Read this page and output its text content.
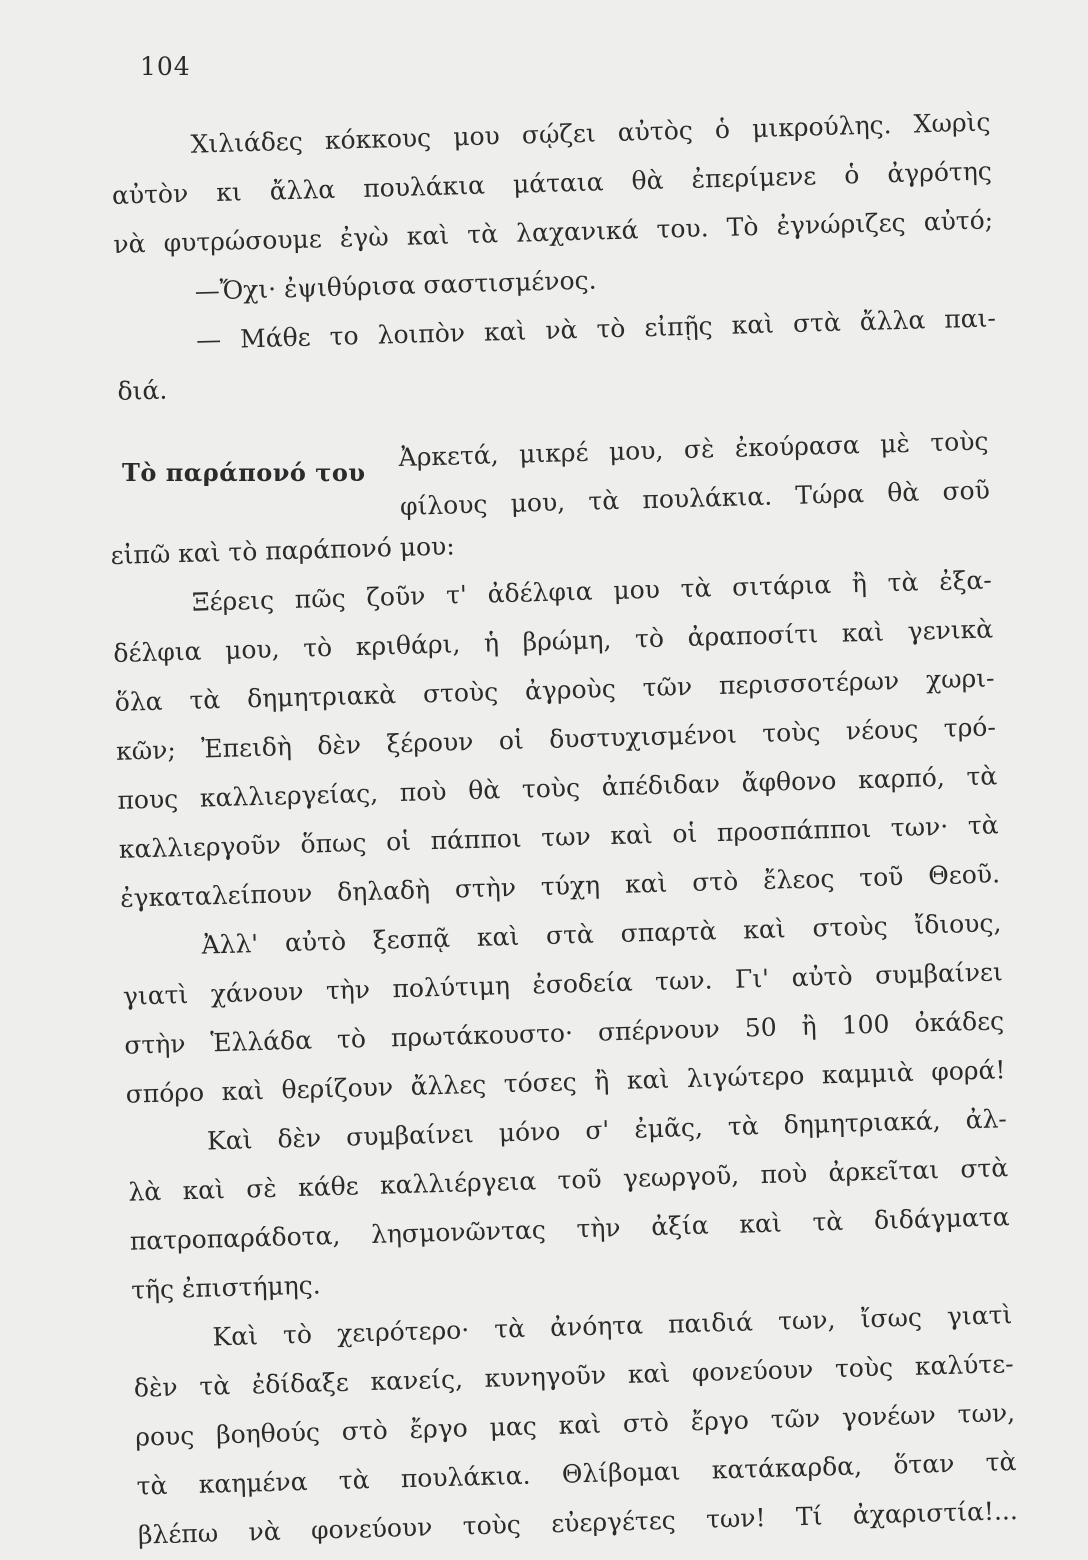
104
Χιλιάδες κόκκους μου σῴζει αὐτὸς ὁ μικρούλης. Χωρὶς
αὐτὸν κι ἄλλα πουλάκια μάταια θὰ ἐπερίμενε ὁ ἀγρότης
νὰ φυτρώσουμε ἐγὼ καὶ τὰ λαχανικά του. Τὸ ἐγνώριζες αὐτό;
—Ὄχι· ἐψιθύρισα σαστισμένος.
— Μάθε το λοιπὸν καὶ νὰ τὸ εἰπῇς καὶ στὰ ἄλλα παι-
διά.
Τὸ παράπονό του
Ἀρκετά, μικρέ μου, σὲ ἐκούρασα μὲ τοὺς
φίλους μου, τὰ πουλάκια. Τώρα θὰ σοῦ
εἰπῶ καὶ τὸ παράπονό μου:
Ξέρεις πῶς ζοῦν τ' ἀδέλφια μου τὰ σιτάρια ἢ τὰ ἐξα-
δέλφια μου, τὸ κριθάρι, ἡ βρώμη, τὸ ἀραποσίτι καὶ γενικὰ
ὅλα τὰ δημητριακὰ στοὺς ἀγροὺς τῶν περισσοτέρων χωρι-
κῶν; Ἐπειδὴ δὲν ξέρουν οἱ δυστυχισμένοι τοὺς νέους τρό-
πους καλλιεργείας, ποὺ θὰ τοὺς ἀπέδιδαν ἄφθονο καρπό, τὰ
καλλιεργοῦν ὅπως οἱ πάπποι των καὶ οἱ προσπάπποι των· τὰ
ἐγκαταλείπουν δηλαδὴ στὴν τύχη καὶ στὸ ἔλεος τοῦ Θεοῦ.
Ἀλλ' αὐτὸ ξεσπᾷ καὶ στὰ σπαρτὰ καὶ στοὺς ἴδιους,
γιατὶ χάνουν τὴν πολύτιμη ἐσοδεία των. Γι' αὐτὸ συμβαίνει
στὴν Ἑλλάδα τὸ πρωτάκουστο· σπέρνουν 50 ἢ 100 ὀκάδες
σπόρο καὶ θερίζουν ἄλλες τόσες ἢ καὶ λιγώτερο καμμιὰ φορά!
Καὶ δὲν συμβαίνει μόνο σ' ἐμᾶς, τὰ δημητριακά, ἀλ-
λὰ καὶ σὲ κάθε καλλιέργεια τοῦ γεωργοῦ, ποὺ ἀρκεῖται στὰ
πατροπαράδοτα, λησμονῶντας τὴν ἀξία καὶ τὰ διδάγματα
τῆς ἐπιστήμης.
Καὶ τὸ χειρότερο· τὰ ἀνόητα παιδιά των, ἴσως γιατὶ
δὲν τὰ ἐδίδαξε κανείς, κυνηγοῦν καὶ φονεύουν τοὺς καλύτε-
ρους βοηθούς στὸ ἔργο μας καὶ στὸ ἔργο τῶν γονέων των,
τὰ καημένα τὰ πουλάκια. Θλίβομαι κατάκαρδα, ὅταν τὰ
βλέπω νὰ φονεύουν τοὺς εὐεργέτες των! Τί ἀχαριστία!...
